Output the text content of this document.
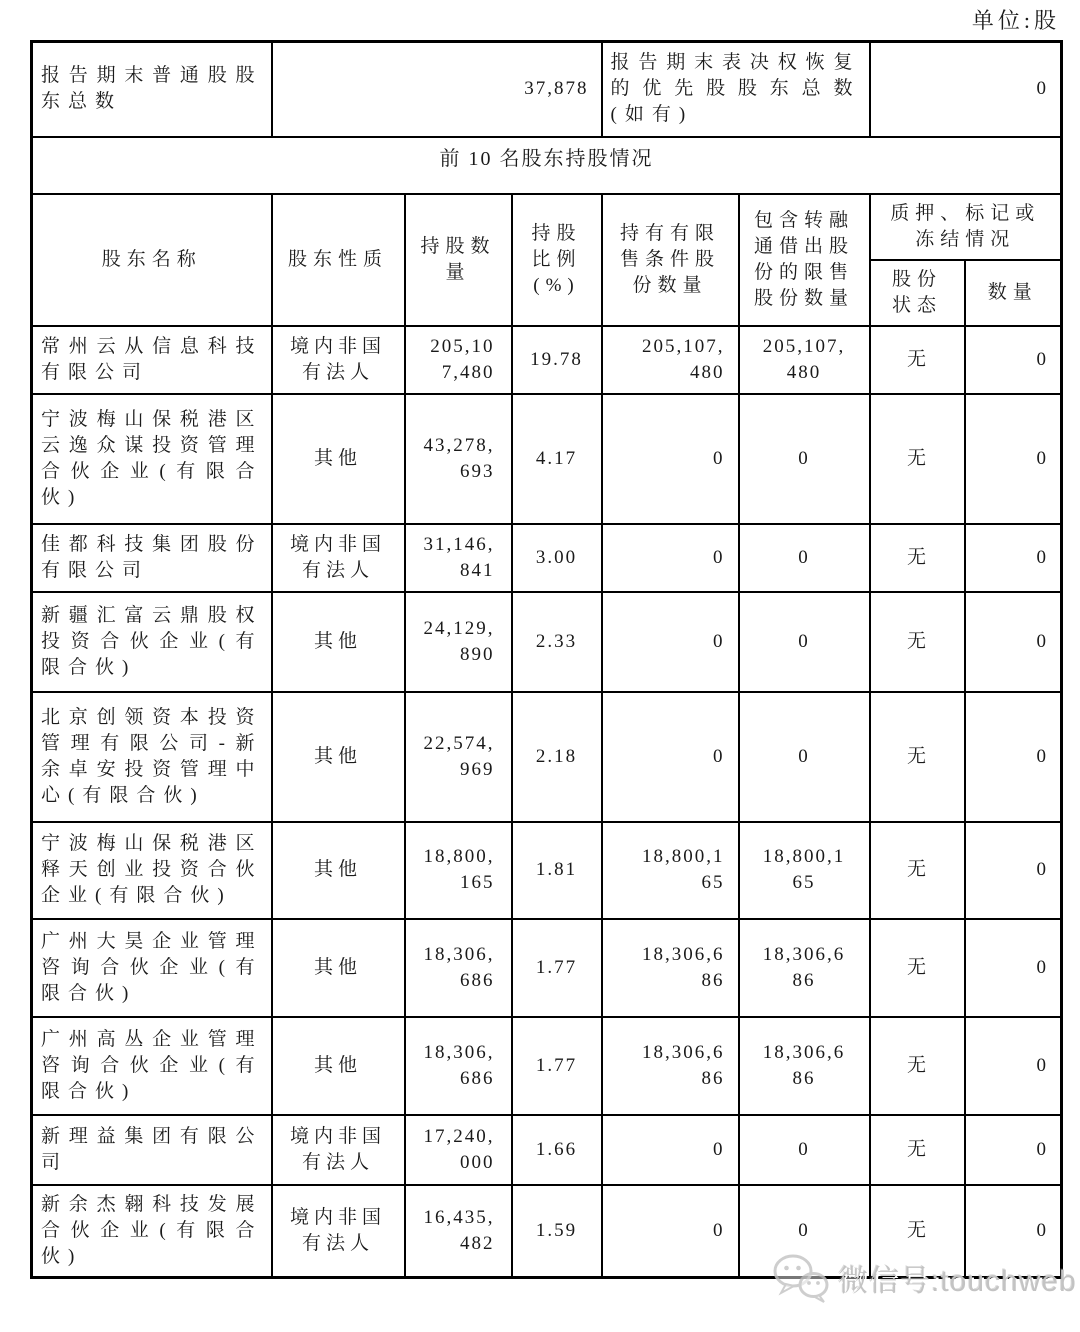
单位:股
报告期末普通股股东总数	37,878			报告期末表决权恢复的优先股股东总数(如有)		0	
前 10 名股东持股情况							
股东名称	股东性质	持股数量	持股比例(%)	持有有限售条件股份数量	包含转融通借出股份的限售股份数量	质押、标记或冻结情况	
						股份状态	数量
常州云从信息科技有限公司	境内非国有法人	205,107,480	19.78	205,107,480	205,107,480	无	0
宁波梅山保税港区云逸众谋投资管理合伙企业(有限合伙)	其他	43,278,693	4.17	0	0	无	0
佳都科技集团股份有限公司	境内非国有法人	31,146,841	3.00	0	0	无	0
新疆汇富云鼎股权投资合伙企业(有限合伙)	其他	24,129,890	2.33	0	0	无	0
北京创领资本投资管理有限公司-新余卓安投资管理中心(有限合伙)	其他	22,574,969	2.18	0	0	无	0
宁波梅山保税港区释天创业投资合伙企业(有限合伙)	其他	18,800,165	1.81	18,800,165	18,800,165	无	0
广州大昊企业管理咨询合伙企业(有限合伙)	其他	18,306,686	1.77	18,306,686	18,306,686	无	0
广州高丛企业管理咨询合伙企业(有限合伙)	其他	18,306,686	1.77	18,306,686	18,306,686	无	0
新理益集团有限公司	境内非国有法人	17,240,000	1.66	0	0	无	0
新余杰翱科技发展合伙企业(有限合伙)	境内非国有法人	16,435,482	1.59	0	0	无	0
微信号:touchweb
